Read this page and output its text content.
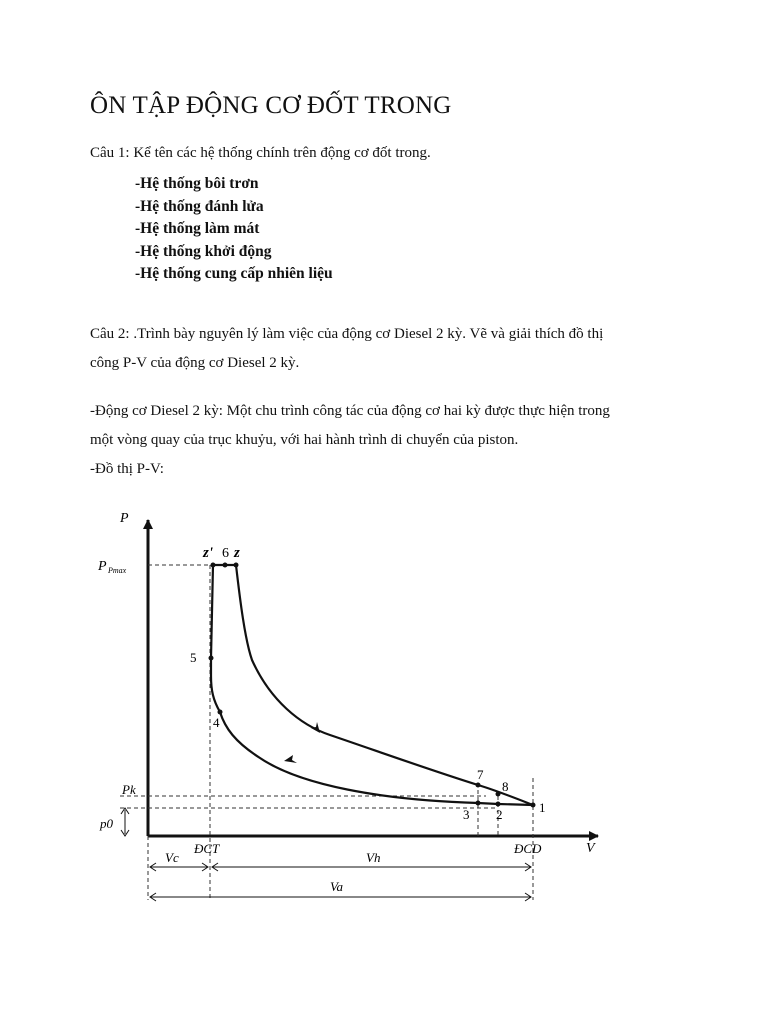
ÔN TẬP ĐỘNG CƠ ĐỐT TRONG
Câu 1: Kể tên các hệ thống chính trên động cơ đốt trong.
-Hệ thống bôi trơn
-Hệ thống đánh lửa
-Hệ thống làm mát
-Hệ thống khởi động
-Hệ thống cung cấp nhiên liệu

Câu 2: .Trình bày nguyên lý làm việc của động cơ Diesel 2 kỳ. Vẽ và giải thích đồ thị
công P-V của động cơ Diesel 2 kỳ.

-Động cơ Diesel 2 kỳ: Một chu trình công tác của động cơ hai kỳ được thực hiện trong
một vòng quay của trục khuỷu, với hai hành trình di chuyển của piston.

-Đồ thị P-V:

P
V
P Pmax
Pk
p0
1
2
3
4
5
z' 6 z
7
8
ĐCT	ĐCD
Vc	Vh
Va
